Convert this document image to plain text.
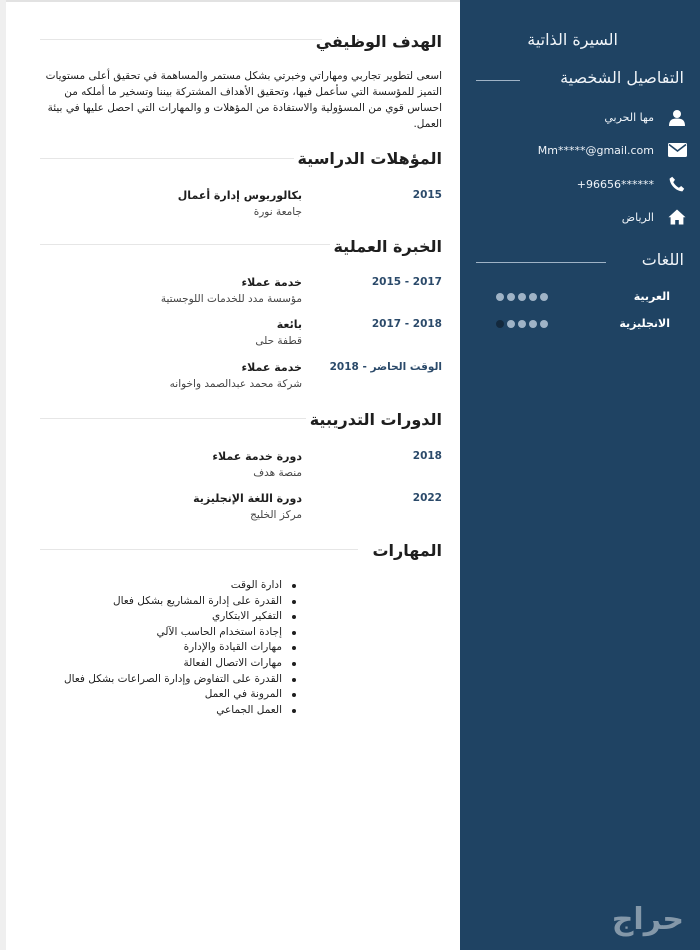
السيرة الذاتية
التفاصيل الشخصية
مها الحربي
Mm*****@gmail.com
+96656******
الرياض
اللغات
العربية
الانجليزية
حراج
الهدف الوظيفي
اسعى لتطوير تجاربي ومهاراتي وخبرتي بشكل مستمر والمساهمة في تحقيق أعلى مستويات التميز للمؤسسة التي سأعمل فيها، وتحقيق الأهداف المشتركة بيننا وتسخير ما أملكه من احساس قوي من المسؤولية والاستفادة من المؤهلات و والمهارات التي احصل عليها في بيئة العمل.
المؤهلات الدراسية
2015
بكالوريوس إدارة أعمال
جامعة نورة
الخبرة العملية
2015 - 2017
خدمة عملاء
مؤسسة مدد للخدمات اللوجستية
2017 - 2018
بائعة
قطفة حلى
2018 - الوقت الحاضر
خدمة عملاء
شركة محمد عبدالصمد واخوانه
الدورات التدريبية
2018
دورة خدمة عملاء
منصة هدف
2022
دورة اللغة الإنجليزية
مركز الخليج
المهارات
ادارة الوقت
القدرة على إدارة المشاريع بشكل فعال
التفكير الابتكاري
إجادة استخدام الحاسب الآلي
مهارات القيادة والإدارة
مهارات الاتصال الفعالة
القدرة على التفاوض وإدارة الصراعات بشكل فعال
المرونة في العمل
العمل الجماعي
